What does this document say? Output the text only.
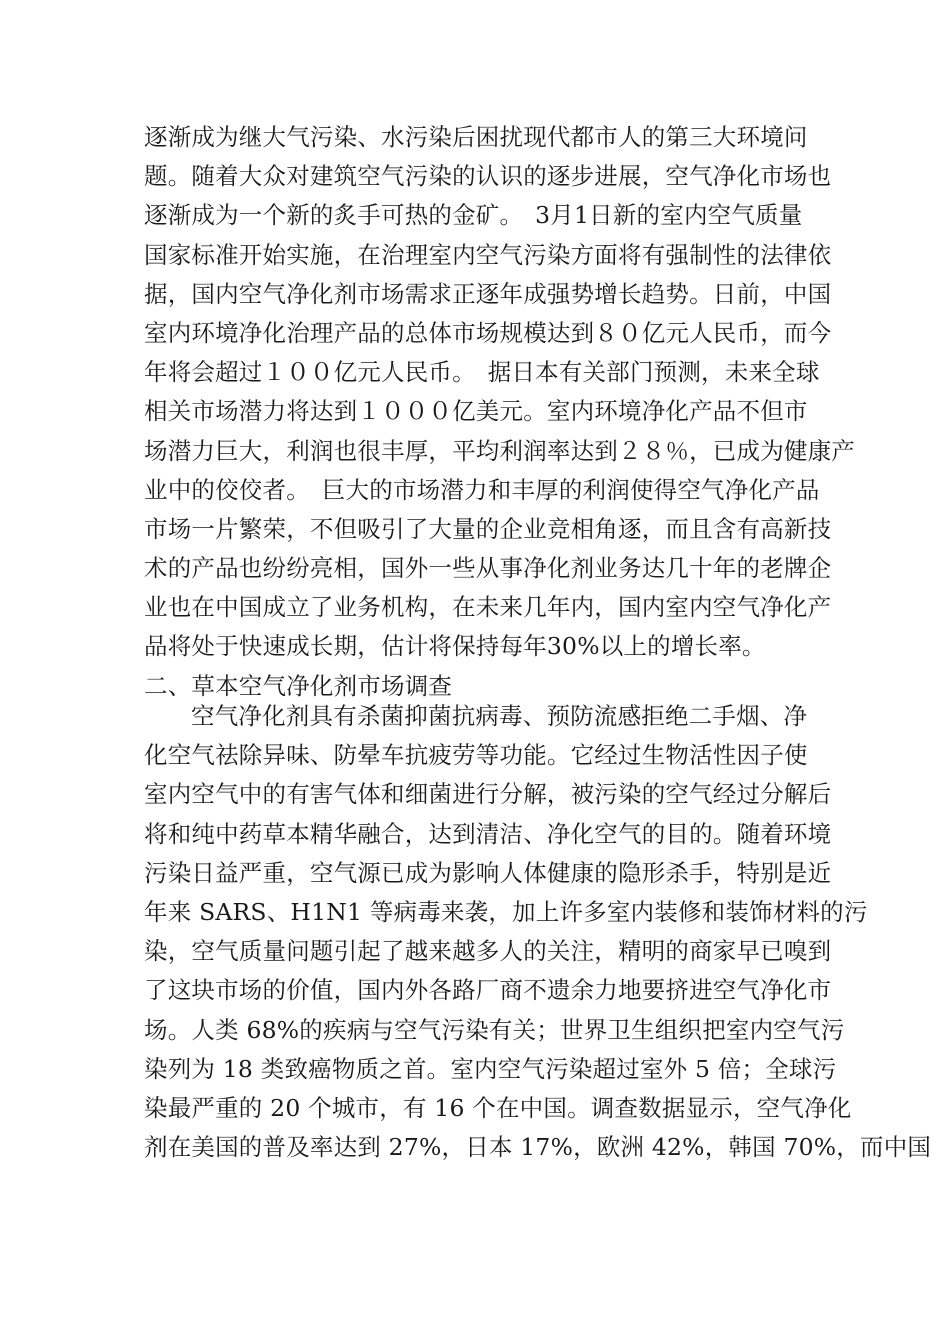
逐渐成为继大气污染、水污染后困扰现代都市人的第三大环境问
题。随着大众对建筑空气污染的认识的逐步进展，空气净化市场也
逐渐成为一个新的炙手可热的金矿。　3月1日新的室内空气质量
国家标准开始实施，在治理室内空气污染方面将有强制性的法律依
据，国内空气净化剂市场需求正逐年成强势增长趋势。日前，中国
室内环境净化治理产品的总体市场规模达到８０亿元人民币，而今
年将会超过１００亿元人民币。　据日本有关部门预测，未来全球
相关市场潜力将达到１０００亿美元。室内环境净化产品不但市
场潜力巨大，利润也很丰厚，平均利润率达到２８％，已成为健康产
业中的佼佼者。　巨大的市场潜力和丰厚的利润使得空气净化产品
市场一片繁荣，不但吸引了大量的企业竞相角逐，而且含有高新技
术的产品也纷纷亮相，国外一些从事净化剂业务达几十年的老牌企
业也在中国成立了业务机构，在未来几年内，国内室内空气净化产
品将处于快速成长期，估计将保持每年30%以上的增长率。
二、草本空气净化剂市场调查
空气净化剂具有杀菌抑菌抗病毒、预防流感拒绝二手烟、净
化空气祛除异味、防晕车抗疲劳等功能。它经过生物活性因子使
室内空气中的有害气体和细菌进行分解，被污染的空气经过分解后
将和纯中药草本精华融合，达到清洁、净化空气的目的。随着环境
污染日益严重，空气源已成为影响人体健康的隐形杀手，特别是近
年来 SARS、H1N1 等病毒来袭，加上许多室内装修和装饰材料的污
染，空气质量问题引起了越来越多人的关注，精明的商家早已嗅到
了这块市场的价值，国内外各路厂商不遗余力地要挤进空气净化市
场。人类 68%的疾病与空气污染有关；世界卫生组织把室内空气污
染列为 18 类致癌物质之首。室内空气污染超过室外 5 倍；全球污
染最严重的 20 个城市，有 16 个在中国。调查数据显示，空气净化
剂在美国的普及率达到 27%，日本 17%，欧洲 42%，韩国 70%，而中国
